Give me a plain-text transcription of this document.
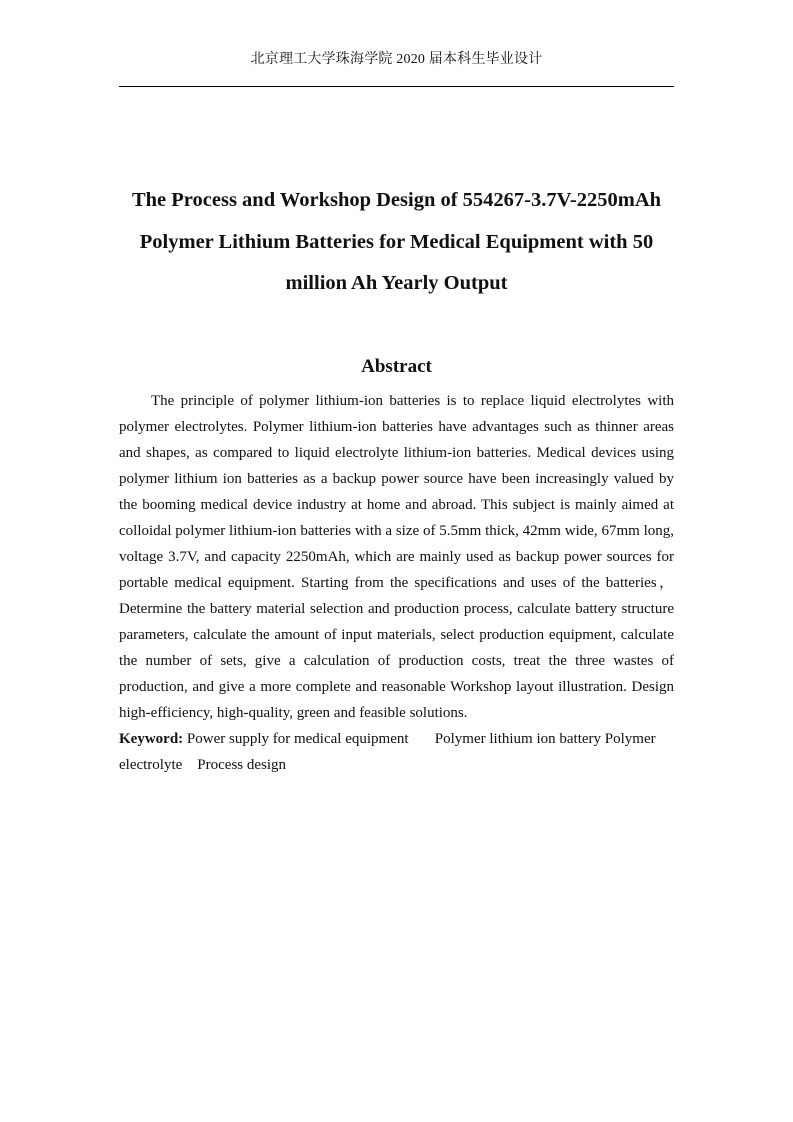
北京理工大学珠海学院 2020 届本科生毕业设计
The Process and Workshop Design of 554267-3.7V-2250mAh
Polymer Lithium Batteries for Medical Equipment with 50
million Ah Yearly Output
Abstract

The principle of polymer lithium-ion batteries is to replace liquid electrolytes with polymer electrolytes. Polymer lithium-ion batteries have advantages such as thinner areas and shapes, as compared to liquid electrolyte lithium-ion batteries. Medical devices using polymer lithium ion batteries as a backup power source have been increasingly valued by the booming medical device industry at home and abroad. This subject is mainly aimed at colloidal polymer lithium-ion batteries with a size of 5.5mm thick, 42mm wide, 67mm long, voltage 3.7V, and capacity 2250mAh, which are mainly used as backup power sources for portable medical equipment. Starting from the specifications and uses of the batteries，Determine the battery material selection and production process, calculate battery structure parameters, calculate the amount of input materials, select production equipment, calculate the number of sets, give a calculation of production costs, treat the three wastes of production, and give a more complete and reasonable Workshop layout illustration. Design high-efficiency, high-quality, green and feasible solutions.

Keyword: Power supply for medical equipment Polymer lithium ion battery Polymer electrolyte Process design
